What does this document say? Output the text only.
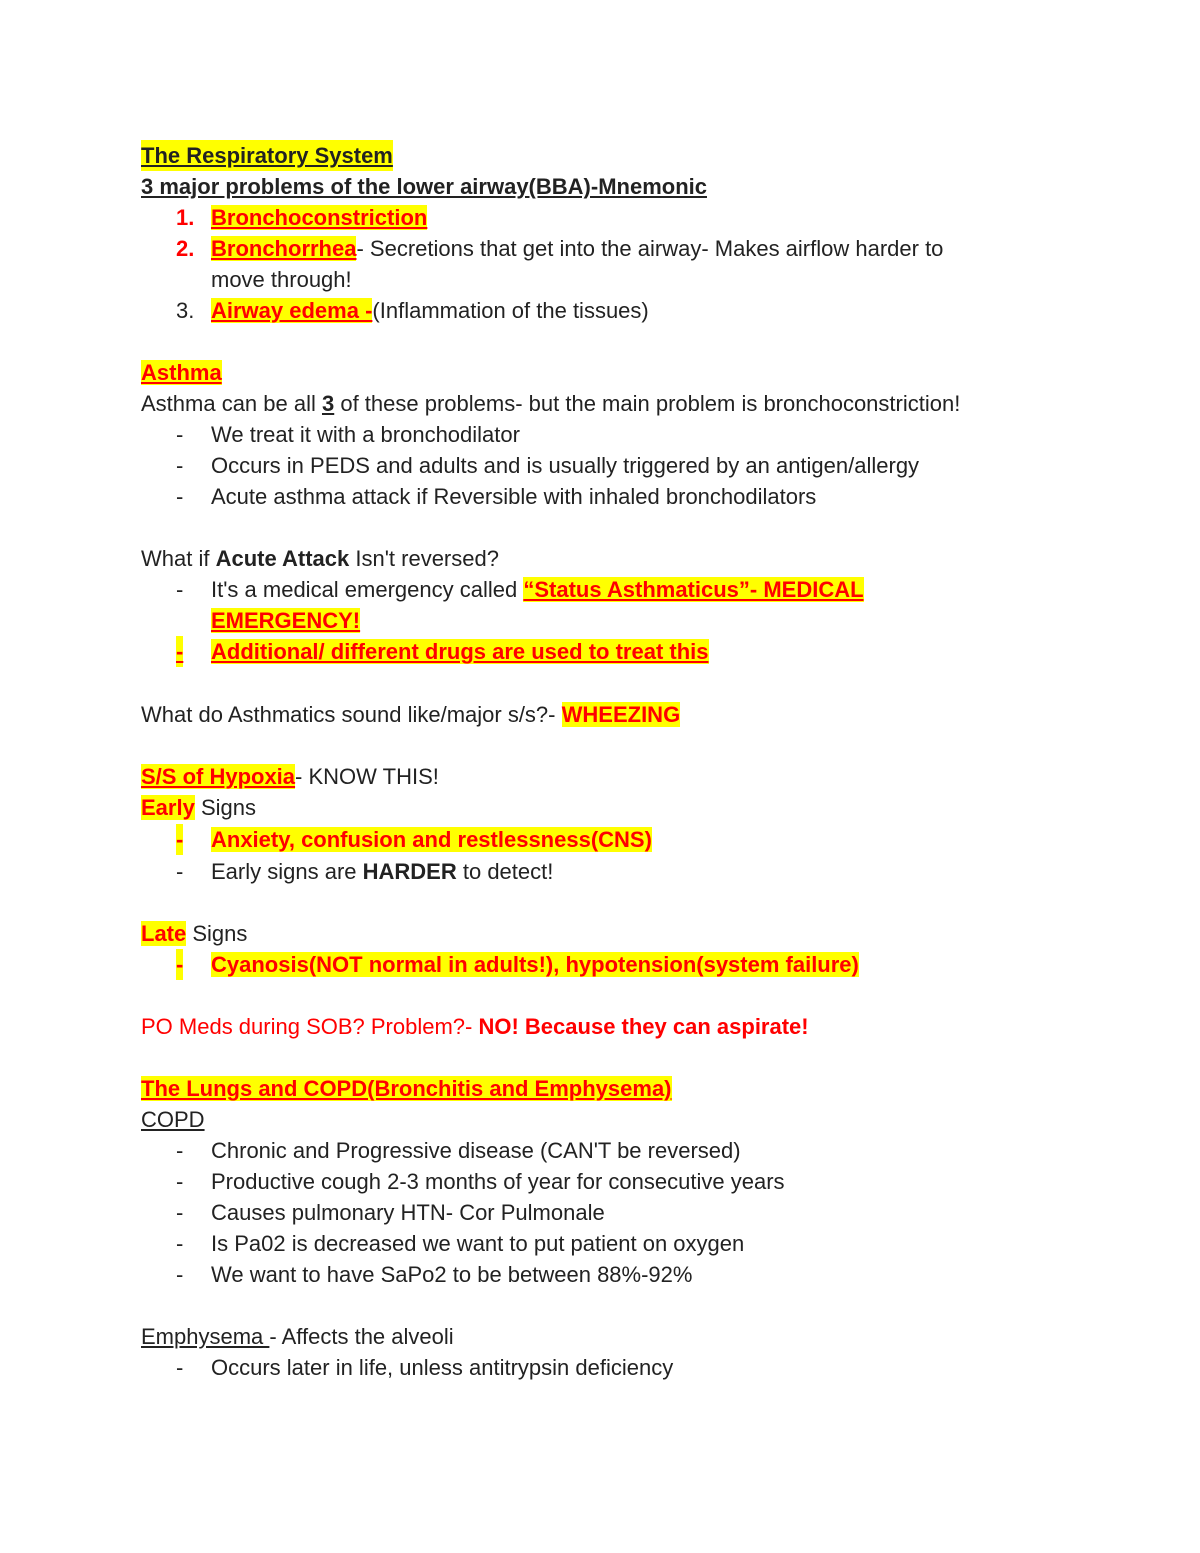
The Respiratory System
3 major problems of the lower airway(BBA)-Mnemonic
1. Bronchoconstriction
2. Bronchorrhea- Secretions that get into the airway- Makes airflow harder to
move through!
3. Airway edema -(Inflammation of the tissues)
Asthma
Asthma can be all 3 of these problems- but the main problem is bronchoconstriction!
- We treat it with a bronchodilator
- Occurs in PEDS and adults and is usually triggered by an antigen/allergy
- Acute asthma attack if Reversible with inhaled bronchodilators
What if Acute Attack Isn't reversed?
- It's a medical emergency called “Status Asthmaticus”- MEDICAL
EMERGENCY!
- Additional/ different drugs are used to treat this
What do Asthmatics sound like/major s/s?- WHEEZING
S/S of Hypoxia- KNOW THIS!
Early Signs
- Anxiety, confusion and restlessness(CNS)
- Early signs are HARDER to detect!
Late Signs
- Cyanosis(NOT normal in adults!), hypotension(system failure)
PO Meds during SOB? Problem?- NO! Because they can aspirate!
The Lungs and COPD(Bronchitis and Emphysema)
COPD
- Chronic and Progressive disease (CAN'T be reversed)
- Productive cough 2-3 months of year for consecutive years
- Causes pulmonary HTN- Cor Pulmonale
- Is Pa02 is decreased we want to put patient on oxygen
- We want to have SaPo2 to be between 88%-92%
Emphysema - Affects the alveoli
- Occurs later in life, unless antitrypsin deficiency
